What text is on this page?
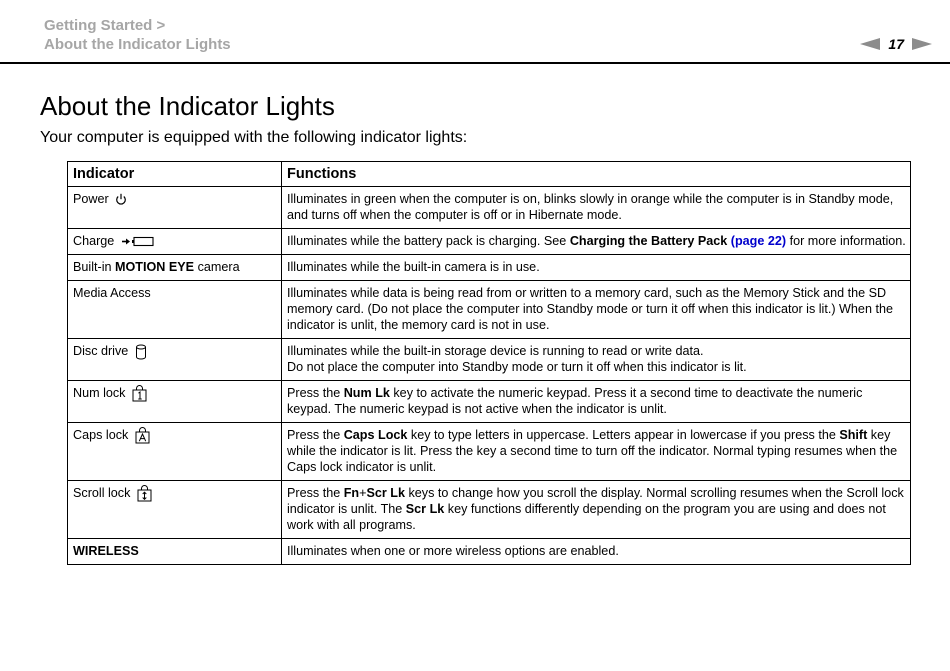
Getting Started >
About the Indicator Lights	17
About the Indicator Lights

Your computer is equipped with the following indicator lights:

Indicator	Functions
Power	Illuminates in green when the computer is on, blinks slowly in orange while the computer is in Standby mode, and turns off when the computer is off or in Hibernate mode.
Charge	Illuminates while the battery pack is charging. See Charging the Battery Pack (page 22) for more information.
Built-in MOTION EYE camera	Illuminates while the built-in camera is in use.
Media Access	Illuminates while data is being read from or written to a memory card, such as the Memory Stick and the SD memory card. (Do not place the computer into Standby mode or turn it off when this indicator is lit.) When the indicator is unlit, the memory card is not in use.
Disc drive	Illuminates while the built-in storage device is running to read or write data.
Do not place the computer into Standby mode or turn it off when this indicator is lit.

Num lock	Press the Num Lk key to activate the numeric keypad. Press it a second time to deactivate the numeric keypad. The numeric keypad is not active when the indicator is unlit.
Caps lock	Press the Caps Lock key to type letters in uppercase. Letters appear in lowercase if you press the Shift key while the indicator is lit. Press the key a second time to turn off the indicator. Normal typing resumes when the Caps lock indicator is unlit.
Scroll lock	Press the Fn+Scr Lk keys to change how you scroll the display. Normal scrolling resumes when the Scroll lock indicator is unlit. The Scr Lk key functions differently depending on the program you are using and does not work with all programs.
WIRELESS	Illuminates when one or more wireless options are enabled.
